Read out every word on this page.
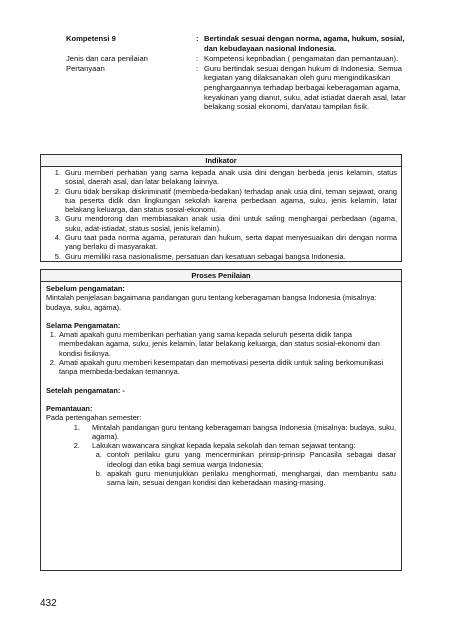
Kompetensi 9	: Bertindak sesuai dengan norma, agama, hukum, sosial, dan kebudayaan nasional Indonesia.
Jenis dan cara penilaian	: Kompetensi kepribadian ( pengamatan dan pemantauan).
Pertanyaan	: Guru bertindak sesuai dengan hukum di Indonesia. Semua kegiatan yang dilaksanakan oleh guru mengindikasikan penghargaannya terhadap berbagai keberagaman agama, keyakinan yang dianut, suku, adat istiadat daerah asal, latar belakang sosial ekonomi, dan/atau tampilan fisik.
Indikator
1. Guru memberi perhatian yang sama kepada anak usia dini dengan berbeda jenis kelamin, status sosial, daerah asal, dan latar belakang lainnya.
2. Guru tidak bersikap diskriminatif (membeda-bedakan) terhadap anak usia dini, teman sejawat, orang tua peserta didik dan lingkungan sekolah karena perbedaan agama, suku, jenis kelamin, latar belakang keluarga, dan status sosial-ekonomi.
3. Guru mendorong dan membiasakan anak usia dini untuk saling menghargai perbedaan (agama, suku, adat-istiadat, status sosial, jenis kelamin).
4. Guru taat pada norma agama, peraturan dan hukum, serta dapat menyesuaikan diri dengan norma yang berlaku di masyarakat.
5. Guru memiliki rasa nasionalisme, persatuan dan kesatuan sebagai bangsa Indonesia.
Proses Penilaian
Sebelum pengamatan:
Mintalah penjelasan bagaimana pandangan guru tentang keberagaman bangsa Indonesia (misalnya: budaya, suku, agama).
Selama Pengamatan:
1. Amati apakah guru memberikan perhatian yang sama kepada seluruh peserta didik tanpa membedakan agama, suku, jenis kelamin, latar belakang keluarga, dan status sosial-ekonomi dan kondisi fisiknya.
2. Amati apakah guru memberi kesempatan dan memotivasi peserta didik untuk saling berkomunikasi tanpa membeda-bedakan temannya.
Setelah pengamatan: -
Pemantauan:
Pada pertengahan semester:
1. Mintalah pandangan guru tentang keberagaman bangsa Indonesia (misalnya: budaya, suku, agama).
2. Lakukan wawancara singkat kepada kepala sekolah dan teman sejawat tentang:
a. contoh perilaku guru yang mencerminkan prinsip-prinsip Pancasila sebagai dasar ideologi dan etika bagi semua warga Indonesia;
b. apakah guru menunjukkan perilaku menghormati, menghargai, dan membantu satu sama lain, sesuai dengan kondisi dan keberadaan masing-masing.
432
